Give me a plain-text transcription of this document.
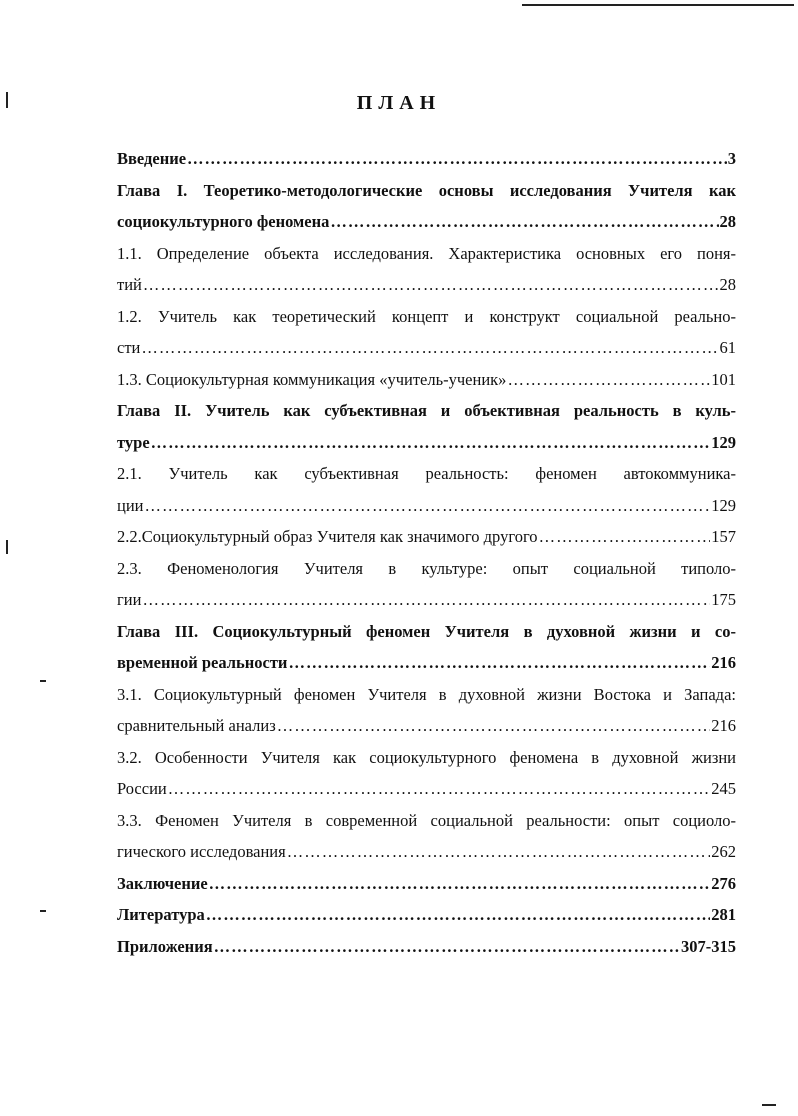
ПЛАН
Введение ………………………………………………………………………………………………………………………………………………	3
Глава I. Теоретико-методологические основы исследования Учителя как
социокультурного феномена ………………………………………………………………………………………………………………………………………………	28
1.1. Определение объекта исследования. Характеристика основных его поня-
тий ………………………………………………………………………………………………………………………………………………	28
1.2. Учитель как теоретический концепт и конструкт социальной реально-
сти ………………………………………………………………………………………………………………………………………………	61
1.3. Социокультурная коммуникация «учитель-ученик» ………………………………………………………………………………………………………………………………………………	101
Глава II. Учитель как субъективная и объективная реальность в куль-
туре ………………………………………………………………………………………………………………………………………………	129
2.1. Учитель как субъективная реальность: феномен автокоммуника-
ции ………………………………………………………………………………………………………………………………………………	129
2.2.Социокультурный образ Учителя как значимого другого ………………………………………………………………………………………………………………………………………………	157
2.3. Феноменология Учителя в культуре: опыт социальной типоло-
гии ………………………………………………………………………………………………………………………………………………	175
Глава III. Социокультурный феномен Учителя в духовной жизни и со-
временной реальности ………………………………………………………………………………………………………………………………………………	216
3.1. Социокультурный феномен Учителя в духовной жизни Востока и Запада:
сравнительный анализ ………………………………………………………………………………………………………………………………………………	216
3.2. Особенности Учителя как социокультурного феномена в духовной жизни
России ………………………………………………………………………………………………………………………………………………	245
3.3. Феномен Учителя в современной социальной реальности: опыт социоло-
гического исследования ………………………………………………………………………………………………………………………………………………	262
Заключение ………………………………………………………………………………………………………………………………………………	276
Литература ………………………………………………………………………………………………………………………………………………	281
Приложения ………………………………………………………………………………………………………………………………………………	307-315
